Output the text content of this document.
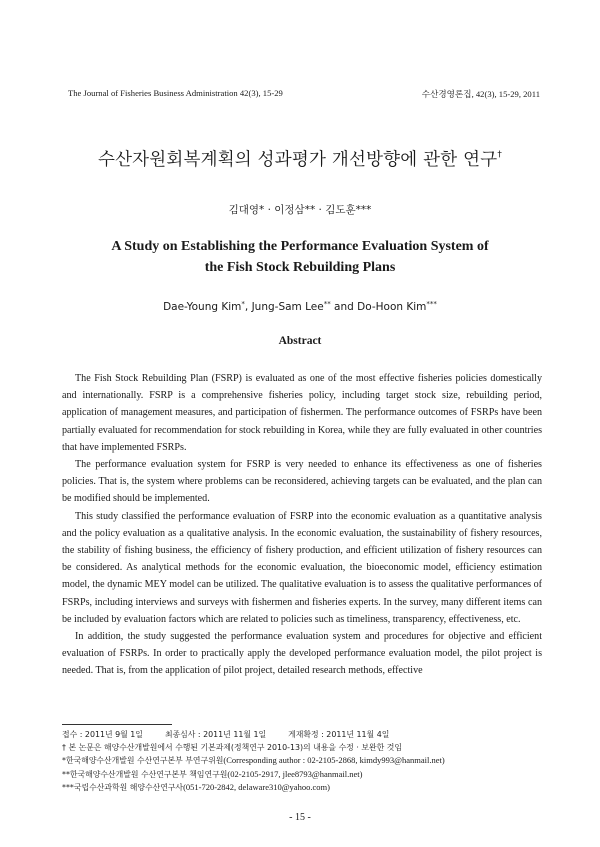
The Journal of Fisheries Business Administration 42(3), 15-29	수산경영론집, 42(3), 15-29, 2011
수산자원회복계획의 성과평가 개선방향에 관한 연구†
김대영* · 이정삼** · 김도훈***
A Study on Establishing the Performance Evaluation System of
the Fish Stock Rebuilding Plans
Dae-Young Kim*, Jung-Sam Lee** and Do-Hoon Kim***
Abstract

The Fish Stock Rebuilding Plan (FSRP) is evaluated as one of the most effective fisheries policies domestically and internationally. FSRP is a comprehensive fisheries policy, including target stock size, rebuilding period, application of management measures, and participation of fishermen. The performance outcomes of FSRPs have been partially evaluated for recommendation for stock rebuilding in Korea, while they are fully evaluated in other countries that have implemented FSRPs.

The performance evaluation system for FSRP is very needed to enhance its effectiveness as one of fisheries policies. That is, the system where problems can be reconsidered, achieving targets can be evaluated, and the plan can be modified should be implemented.

This study classified the performance evaluation of FSRP into the economic evaluation as a quantitative analysis and the policy evaluation as a qualitative analysis. In the economic evaluation, the sustainability of fishery resources, the stability of fishing business, the efficiency of fishery production, and efficient utilization of fishery resources can be considered. As analytical methods for the economic evaluation, the bioeconomic model, efficiency estimation model, the dynamic MEY model can be utilized. The qualitative evaluation is to assess the qualitative performances of FSRPs, including interviews and surveys with fishermen and fisheries experts. In the survey, many different items can be included by evaluation factors which are related to policies such as timeliness, transparency, effectiveness, etc.

In addition, the study suggested the performance evaluation system and procedures for objective and efficient evaluation of FSRPs. In order to practically apply the developed performance evaluation model, the pilot project is needed. That is, from the application of pilot project, detailed research methods, effective

접수 : 2011년 9월 1일	최종심사 : 2011년 11월 1일	게재확정 : 2011년 11월 4일
† 본 논문은 해양수산개발원에서 수행된 기본과제(정책연구 2010-13)의 내용을 수정 · 보완한 것임
*한국해양수산개발원 수산연구본부 부연구위원(Corresponding author : 02-2105-2868, kimdy993@hanmail.net)
**한국해양수산개발원 수산연구본부 책임연구원(02-2105-2917, jlee8793@hanmail.net)
***국립수산과학원 해양수산연구사(051-720-2842, delaware310@yahoo.com)
- 15 -
